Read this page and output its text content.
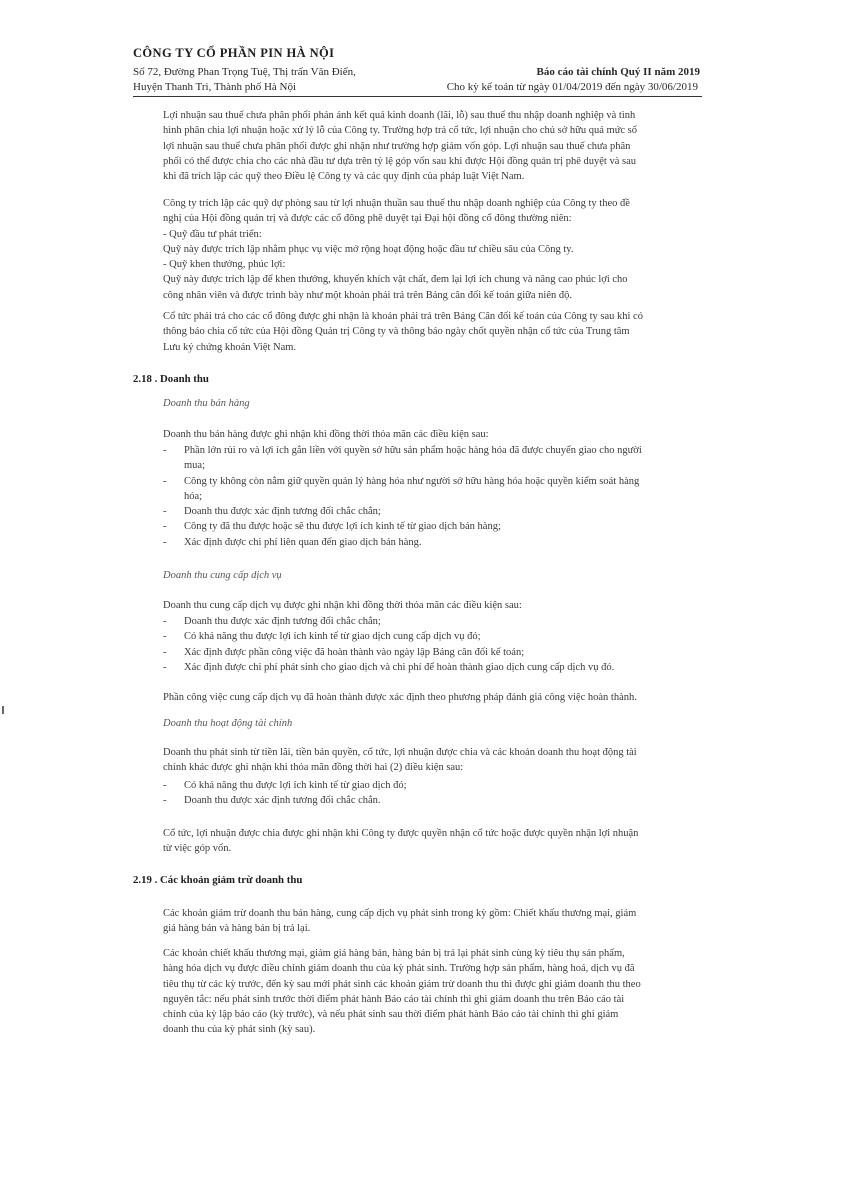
CÔNG TY CỔ PHẦN PIN HÀ NỘI
Số 72, Đường Phan Trọng Tuệ, Thị trấn Văn Điển,
Huyện Thanh Trì, Thành phố Hà Nội
Báo cáo tài chính Quý II năm 2019
Cho kỳ kế toán từ ngày 01/04/2019 đến ngày 30/06/2019
Lợi nhuận sau thuế chưa phân phối phản ánh kết quả kinh doanh (lãi, lỗ) sau thuế thu nhập doanh nghiệp và tình
hình phân chia lợi nhuận hoặc xử lý lỗ của Công ty. Trường hợp trả cổ tức, lợi nhuận cho chủ sở hữu quá mức số
lợi nhuận sau thuế chưa phân phối được ghi nhận như trường hợp giảm vốn góp. Lợi nhuận sau thuế chưa phân
phối có thể được chia cho các nhà đầu tư dựa trên tỷ lệ góp vốn sau khi được Hội đồng quản trị phê duyệt và sau
khi đã trích lập các quỹ theo Điều lệ Công ty và các quy định của pháp luật Việt Nam.
Công ty trích lập các quỹ dự phòng sau từ lợi nhuận thuần sau thuế thu nhập doanh nghiệp của Công ty theo đề
nghị của Hội đồng quản trị và được các cổ đông phê duyệt tại Đại hội đồng cổ đông thường niên:
- Quỹ đầu tư phát triển:
Quỹ này được trích lập nhằm phục vụ việc mở rộng hoạt động hoặc đầu tư chiều sâu của Công ty.
- Quỹ khen thưởng, phúc lợi:
Quỹ này được trích lập để khen thưởng, khuyến khích vật chất, đem lại lợi ích chung và nâng cao phúc lợi cho
công nhân viên và được trình bày như một khoản phải trả trên Bảng cân đối kế toán giữa niên độ.
Cổ tức phải trả cho các cổ đông được ghi nhận là khoản phải trả trên Bảng Cân đối kế toán của Công ty sau khi có
thông báo chia cổ tức của Hội đồng Quản trị Công ty và thông báo ngày chốt quyền nhận cổ tức của Trung tâm
Lưu ký chứng khoán Việt Nam.
2.18 . Doanh thu
Doanh thu bán hàng
Doanh thu bán hàng được ghi nhận khi đồng thời thỏa mãn các điều kiện sau:
- Phần lớn rủi ro và lợi ích gắn liền với quyền sở hữu sản phẩm hoặc hàng hóa đã được chuyển giao cho người
mua;
- Công ty không còn nắm giữ quyền quản lý hàng hóa như người sở hữu hàng hóa hoặc quyền kiểm soát hàng
hóa;
- Doanh thu được xác định tương đối chắc chắn;
- Công ty đã thu được hoặc sẽ thu được lợi ích kinh tế từ giao dịch bán hàng;
- Xác định được chi phí liên quan đến giao dịch bán hàng.
Doanh thu cung cấp dịch vụ
Doanh thu cung cấp dịch vụ được ghi nhận khi đồng thời thỏa mãn các điều kiện sau:
- Doanh thu được xác định tương đối chắc chắn;
- Có khả năng thu được lợi ích kinh tế từ giao dịch cung cấp dịch vụ đó;
- Xác định được phần công việc đã hoàn thành vào ngày lập Bảng cân đối kế toán;
- Xác định được chi phí phát sinh cho giao dịch và chi phí để hoàn thành giao dịch cung cấp dịch vụ đó.
Phần công việc cung cấp dịch vụ đã hoàn thành được xác định theo phương pháp đánh giá công việc hoàn thành.
Doanh thu hoạt động tài chính
Doanh thu phát sinh từ tiền lãi, tiền bản quyền, cổ tức, lợi nhuận được chia và các khoản doanh thu hoạt động tài
chính khác được ghi nhận khi thỏa mãn đồng thời hai (2) điều kiện sau:
- Có khả năng thu được lợi ích kinh tế từ giao dịch đó;
- Doanh thu được xác định tương đối chắc chắn.
Cổ tức, lợi nhuận được chia được ghi nhận khi Công ty được quyền nhận cổ tức hoặc được quyền nhận lợi nhuận
từ việc góp vốn.
2.19 . Các khoản giảm trừ doanh thu
Các khoản giảm trừ doanh thu bán hàng, cung cấp dịch vụ phát sinh trong kỳ gồm: Chiết khấu thương mại, giảm
giá hàng bán và hàng bán bị trả lại.
Các khoản chiết khấu thương mại, giảm giá hàng bán, hàng bán bị trả lại phát sinh cùng kỳ tiêu thụ sản phẩm,
hàng hóa dịch vụ được điều chỉnh giảm doanh thu của kỳ phát sinh. Trường hợp sản phẩm, hàng hoá, dịch vụ đã
tiêu thụ từ các kỳ trước, đến kỳ sau mới phát sinh các khoản giảm trừ doanh thu thì được ghi giảm doanh thu theo
nguyên tắc: nếu phát sinh trước thời điểm phát hành Báo cáo tài chính thì ghi giảm doanh thu trên Báo cáo tài
chính của kỳ lập báo cáo (kỳ trước), và nếu phát sinh sau thời điểm phát hành Báo cáo tài chính thì ghi giảm
doanh thu của kỳ phát sinh (kỳ sau).
